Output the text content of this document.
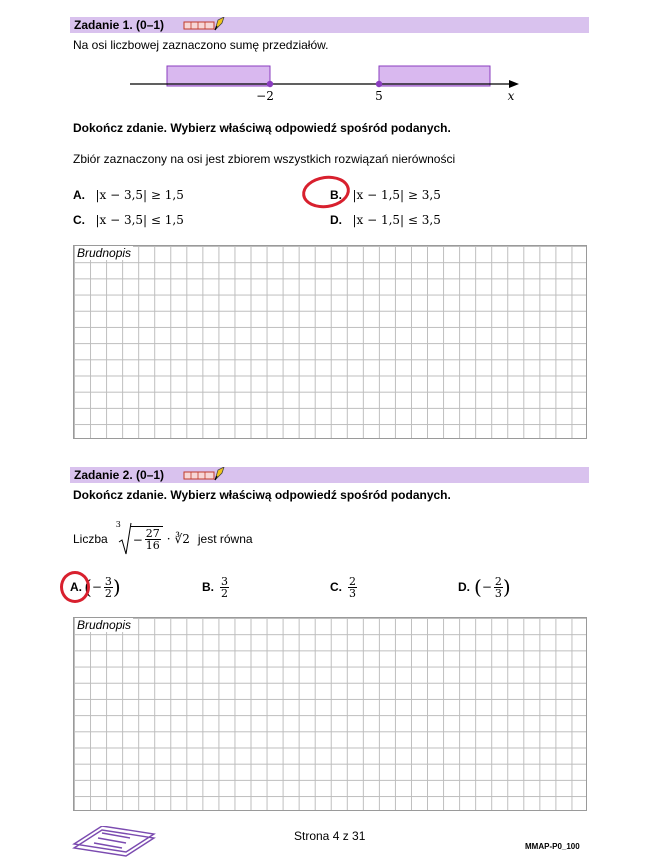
Zadanie 1. (0–1)
Na osi liczbowej zaznaczono sumę przedziałów.
−2	5	x
Dokończ zdanie. Wybierz właściwą odpowiedź spośród podanych.
Zbiór zaznaczony na osi jest zbiorem wszystkich rozwiązań nierówności
A. |x − 3,5| ≥ 1,5	B. |x − 1,5| ≥ 3,5
C. |x − 3,5| ≤ 1,5	D. |x − 1,5| ≤ 3,5
Brudnopis
Zadanie 2. (0–1)
Dokończ zdanie. Wybierz właściwą odpowiedź spośród podanych.
Liczba
3
− $\frac{27}{16}$ · ∛2 jest równa
A. ( − $\frac{3}{2}$ )	B. $\frac{3}{2}$	C. $\frac{2}{3}$	D. ( − $\frac{2}{3}$ )
Brudnopis
Strona 4 z 31
MMAP-P0_100
